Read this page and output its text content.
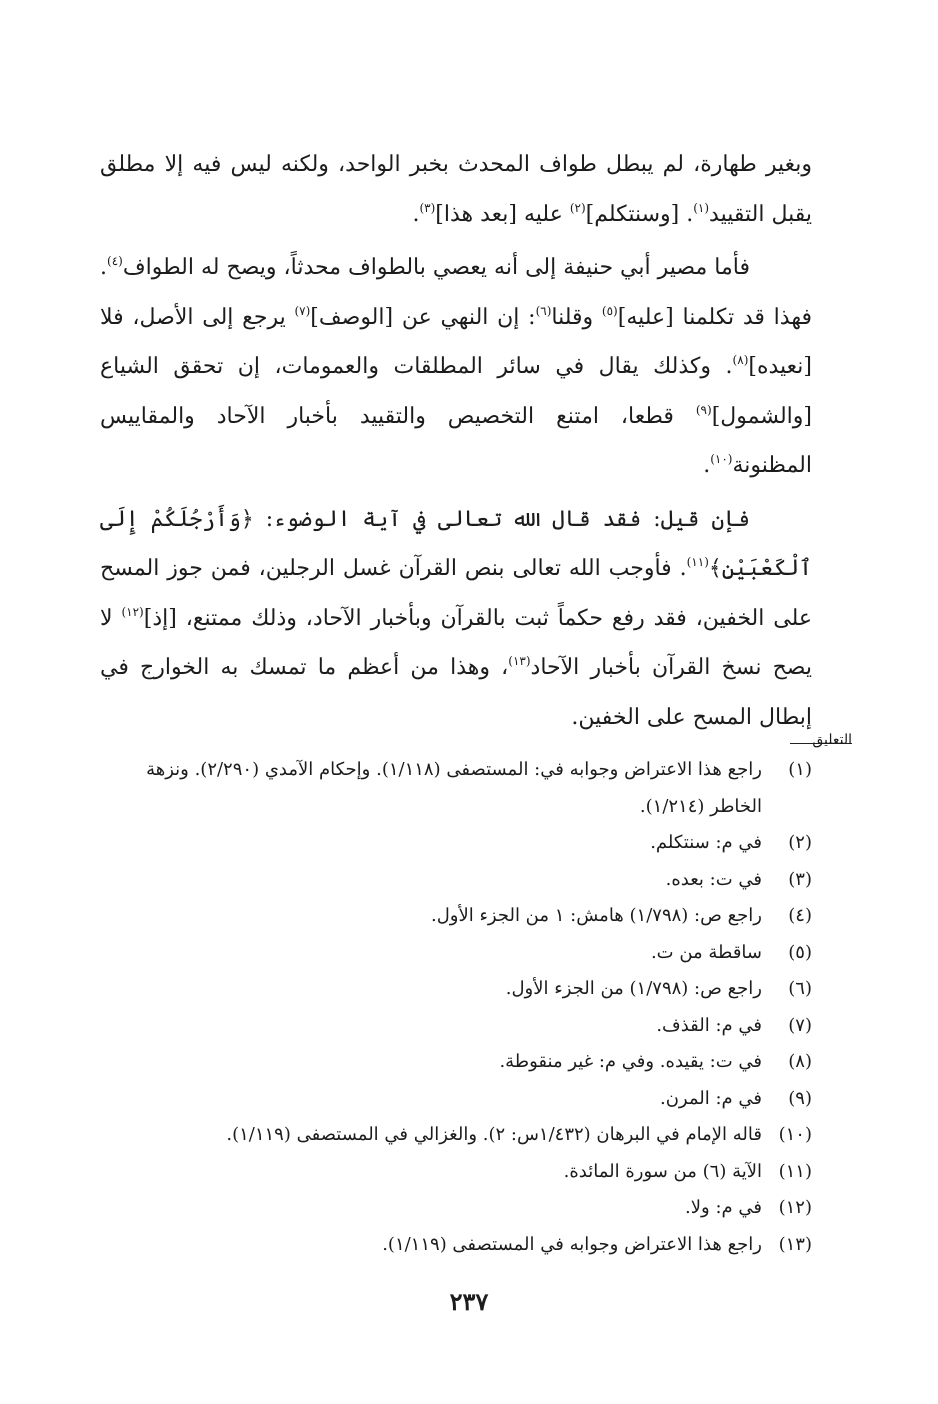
وبغير طهارة، لم يبطل طواف المحدث بخبر الواحد، ولكنه ليس فيه إلا مطلق يقبل التقييد$^{(١)}$. [وسنتكلم]$^{(٢)}$ عليه [بعد هذا]$^{(٣)}$.

فأما مصير أبي حنيفة إلى أنه يعصي بالطواف محدثاً، ويصح له الطواف$^{(٤)}$. فهذا قد تكلمنا [عليه]$^{(٥)}$ وقلنا$^{(٦)}$: إن النهي عن [الوصف]$^{(٧)}$ يرجع إلى الأصل، فلا [نعيده]$^{(٨)}$. وكذلك يقال في سائر المطلقات والعمومات، إن تحقق الشياع [والشمول]$^{(٩)}$ قطعا، امتنع التخصيص والتقييد بأخبار الآحاد والمقاييس المظنونة$^{(١٠)}$.

فإن قيل: فقد قال الله تعالى في آية الوضوء: ﴿وَأَرْجُلَكُمْ إِلَى ٱلْكَعْبَيْنِ﴾$^{(١١)}$. فأوجب الله تعالى بنص القرآن غسل الرجلين، فمن جوز المسح على الخفين، فقد رفع حكماً ثبت بالقرآن وبأخبار الآحاد، وذلك ممتنع، [إذ]$^{(١٢)}$ لا يصح نسخ القرآن بأخبار الآحاد$^{(١٣)}$، وهذا من أعظم ما تمسك به الخوارج في إبطال المسح على الخفين.

التعليق
(١)
راجع هذا الاعتراض وجوابه في: المستصفى (١/١١٨). وإحكام الآمدي (٢/٢٩٠). ونزهة الخاطر (١/٢١٤).
(٢)
في م: سنتكلم.
(٣)
في ت: بعده.
(٤)
راجع ص: (١/٧٩٨) هامش: ١ من الجزء الأول.
(٥)
ساقطة من ت.
(٦)
راجع ص: (١/٧٩٨) من الجزء الأول.
(٧)
في م: القذف.
(٨)
في ت: يقيده. وفي م: غير منقوطة.
(٩)
في م: المرن.
(١٠)
قاله الإمام في البرهان (١/٤٣٢س: ٢). والغزالي في المستصفى (١/١١٩).
(١١)
الآية (٦) من سورة المائدة.
(١٢)
في م: ولا.
(١٣)
راجع هذا الاعتراض وجوابه في المستصفى (١/١١٩).
٢٣٧
